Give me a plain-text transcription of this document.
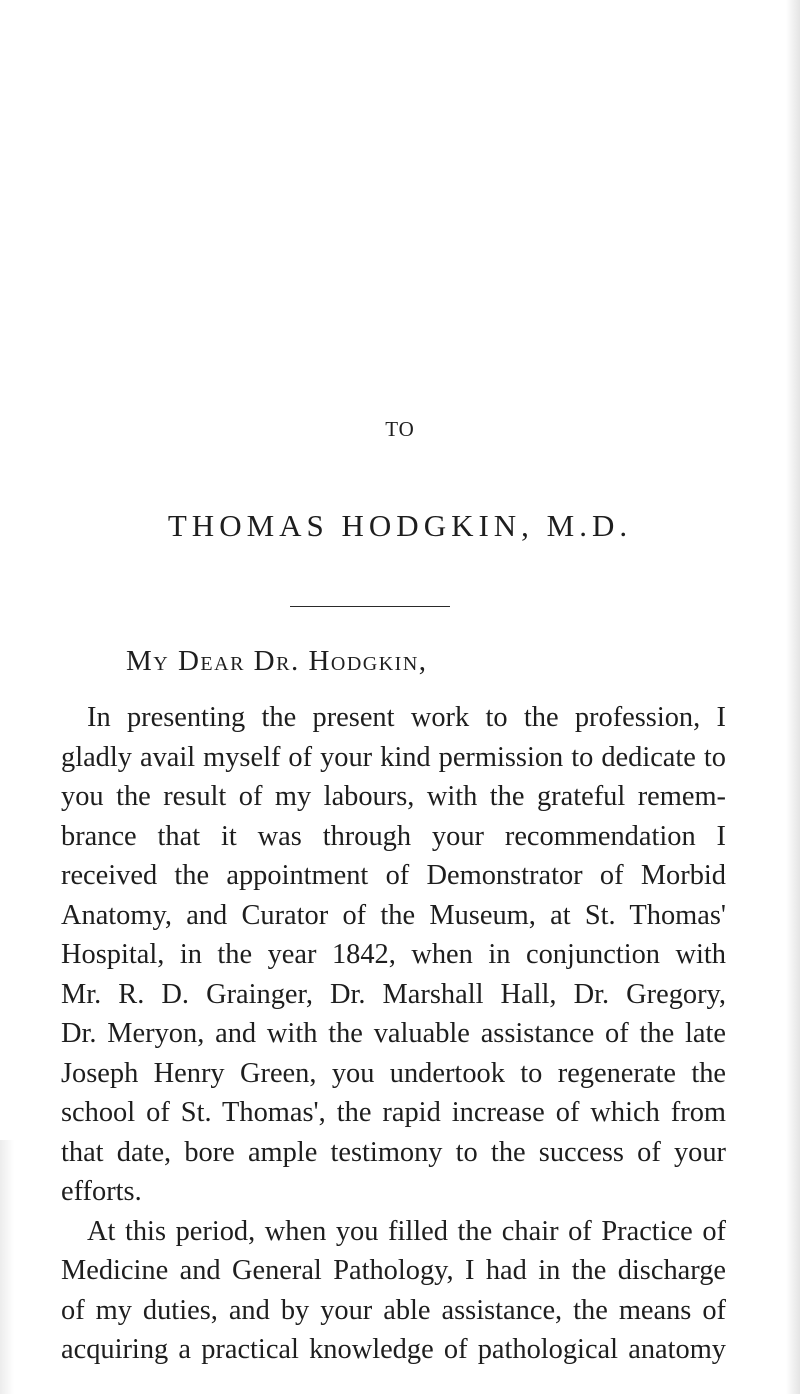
TO
THOMAS HODGKIN, M.D.
My Dear Dr. Hodgkin,
In presenting the present work to the profession, I
gladly avail myself of your kind permission to dedicate to
you the result of my labours, with the grateful remem-
brance that it was through your recommendation I
received the appointment of Demonstrator of Morbid
Anatomy, and Curator of the Museum, at St. Thomas'
Hospital, in the year 1842, when in conjunction with
Mr. R. D. Grainger, Dr. Marshall Hall, Dr. Gregory,
Dr. Meryon, and with the valuable assistance of the late
Joseph Henry Green, you undertook to regenerate the
school of St. Thomas', the rapid increase of which from
that date, bore ample testimony to the success of your
efforts.
At this period, when you filled the chair of Practice of
Medicine and General Pathology, I had in the discharge
of my duties, and by your able assistance, the means of
acquiring a practical knowledge of pathological anatomy
